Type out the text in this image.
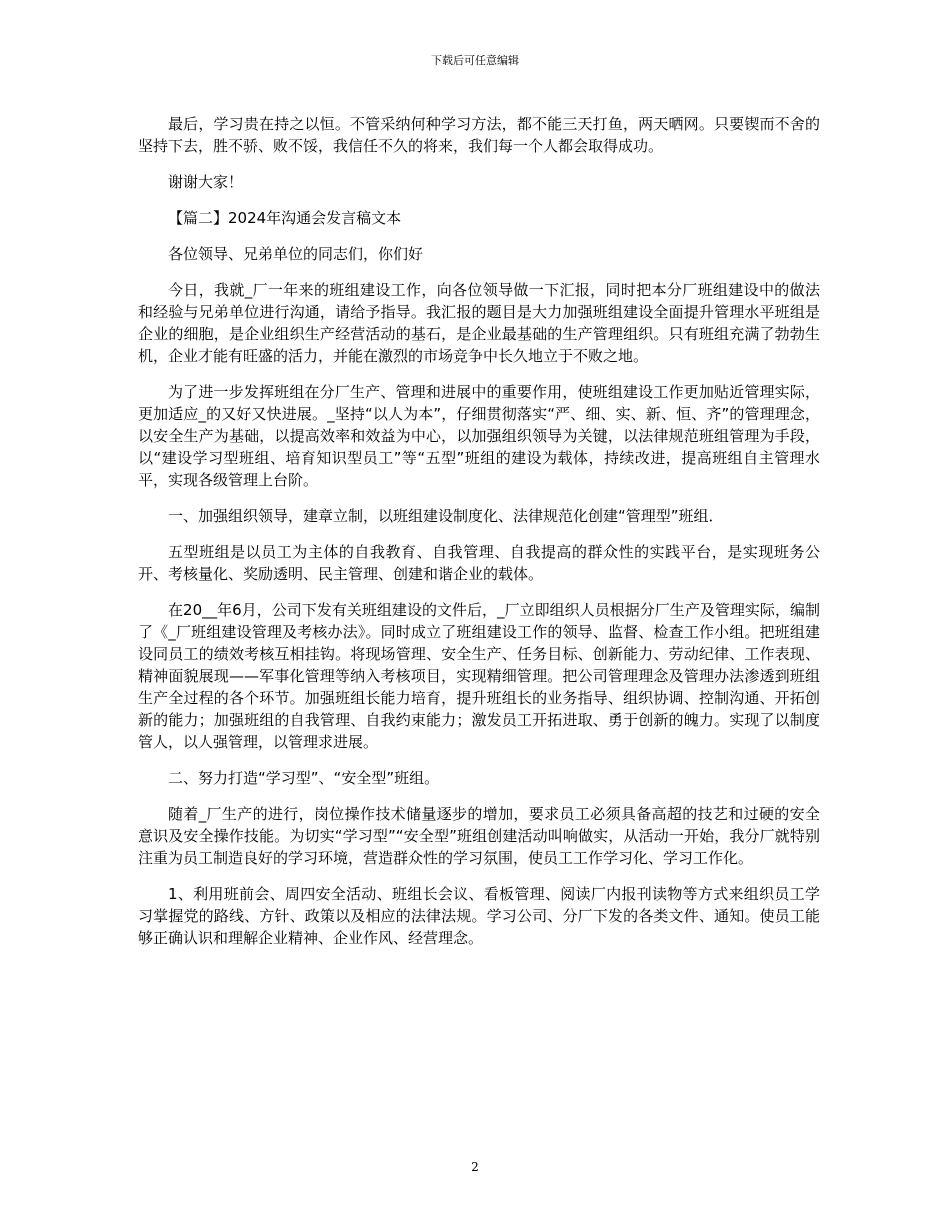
下载后可任意编辑

最后，学习贵在持之以恒。不管采纳何种学习方法，都不能三天打鱼，两天晒网。只要锲而不舍的坚持下去，胜不骄、败不馁，我信任不久的将来，我们每一个人都会取得成功。

谢谢大家！

【篇二】2024年沟通会发言稿文本

各位领导、兄弟单位的同志们，你们好

今日，我就_厂一年来的班组建设工作，向各位领导做一下汇报，同时把本分厂班组建设中的做法和经验与兄弟单位进行沟通，请给予指导。我汇报的题目是大力加强班组建设全面提升管理水平班组是企业的细胞，是企业组织生产经营活动的基石，是企业最基础的生产管理组织。只有班组充满了勃勃生机，企业才能有旺盛的活力，并能在激烈的市场竞争中长久地立于不败之地。

为了进一步发挥班组在分厂生产、管理和进展中的重要作用，使班组建设工作更加贴近管理实际，更加适应_的又好又快进展。_坚持“以人为本”，仔细贯彻落实“严、细、实、新、恒、齐”的管理理念，以安全生产为基础，以提高效率和效益为中心，以加强组织领导为关键，以法律规范班组管理为手段，以“建设学习型班组、培育知识型员工”等“五型”班组的建设为载体，持续改进，提高班组自主管理水平，实现各级管理上台阶。

一、加强组织领导，建章立制，以班组建设制度化、法律规范化创建“管理型”班组．

五型班组是以员工为主体的自我教育、自我管理、自我提高的群众性的实践平台，是实现班务公开、考核量化、奖励透明、民主管理、创建和谐企业的载体。

在20__年6月，公司下发有关班组建设的文件后，_厂立即组织人员根据分厂生产及管理实际，编制了《_厂班组建设管理及考核办法》。同时成立了班组建设工作的领导、监督、检查工作小组。把班组建设同员工的绩效考核互相挂钩。将现场管理、安全生产、任务目标、创新能力、劳动纪律、工作表现、精神面貌展现——军事化管理等纳入考核项目，实现精细管理。把公司管理理念及管理办法渗透到班组生产全过程的各个环节。加强班组长能力培育，提升班组长的业务指导、组织协调、控制沟通、开拓创新的能力；加强班组的自我管理、自我约束能力；激发员工开拓进取、勇于创新的魄力。实现了以制度管人，以人强管理，以管理求进展。

二、努力打造“学习型”、“安全型”班组。

随着_厂生产的进行，岗位操作技术储量逐步的增加，要求员工必须具备高超的技艺和过硬的安全意识及安全操作技能。为切实“学习型”“安全型”班组创建活动叫响做实，从活动一开始，我分厂就特别注重为员工制造良好的学习环境，营造群众性的学习氛围，使员工工作学习化、学习工作化。

1、利用班前会、周四安全活动、班组长会议、看板管理、阅读厂内报刊读物等方式来组织员工学习掌握党的路线、方针、政策以及相应的法律法规。学习公司、分厂下发的各类文件、通知。使员工能够正确认识和理解企业精神、企业作风、经营理念。

2
